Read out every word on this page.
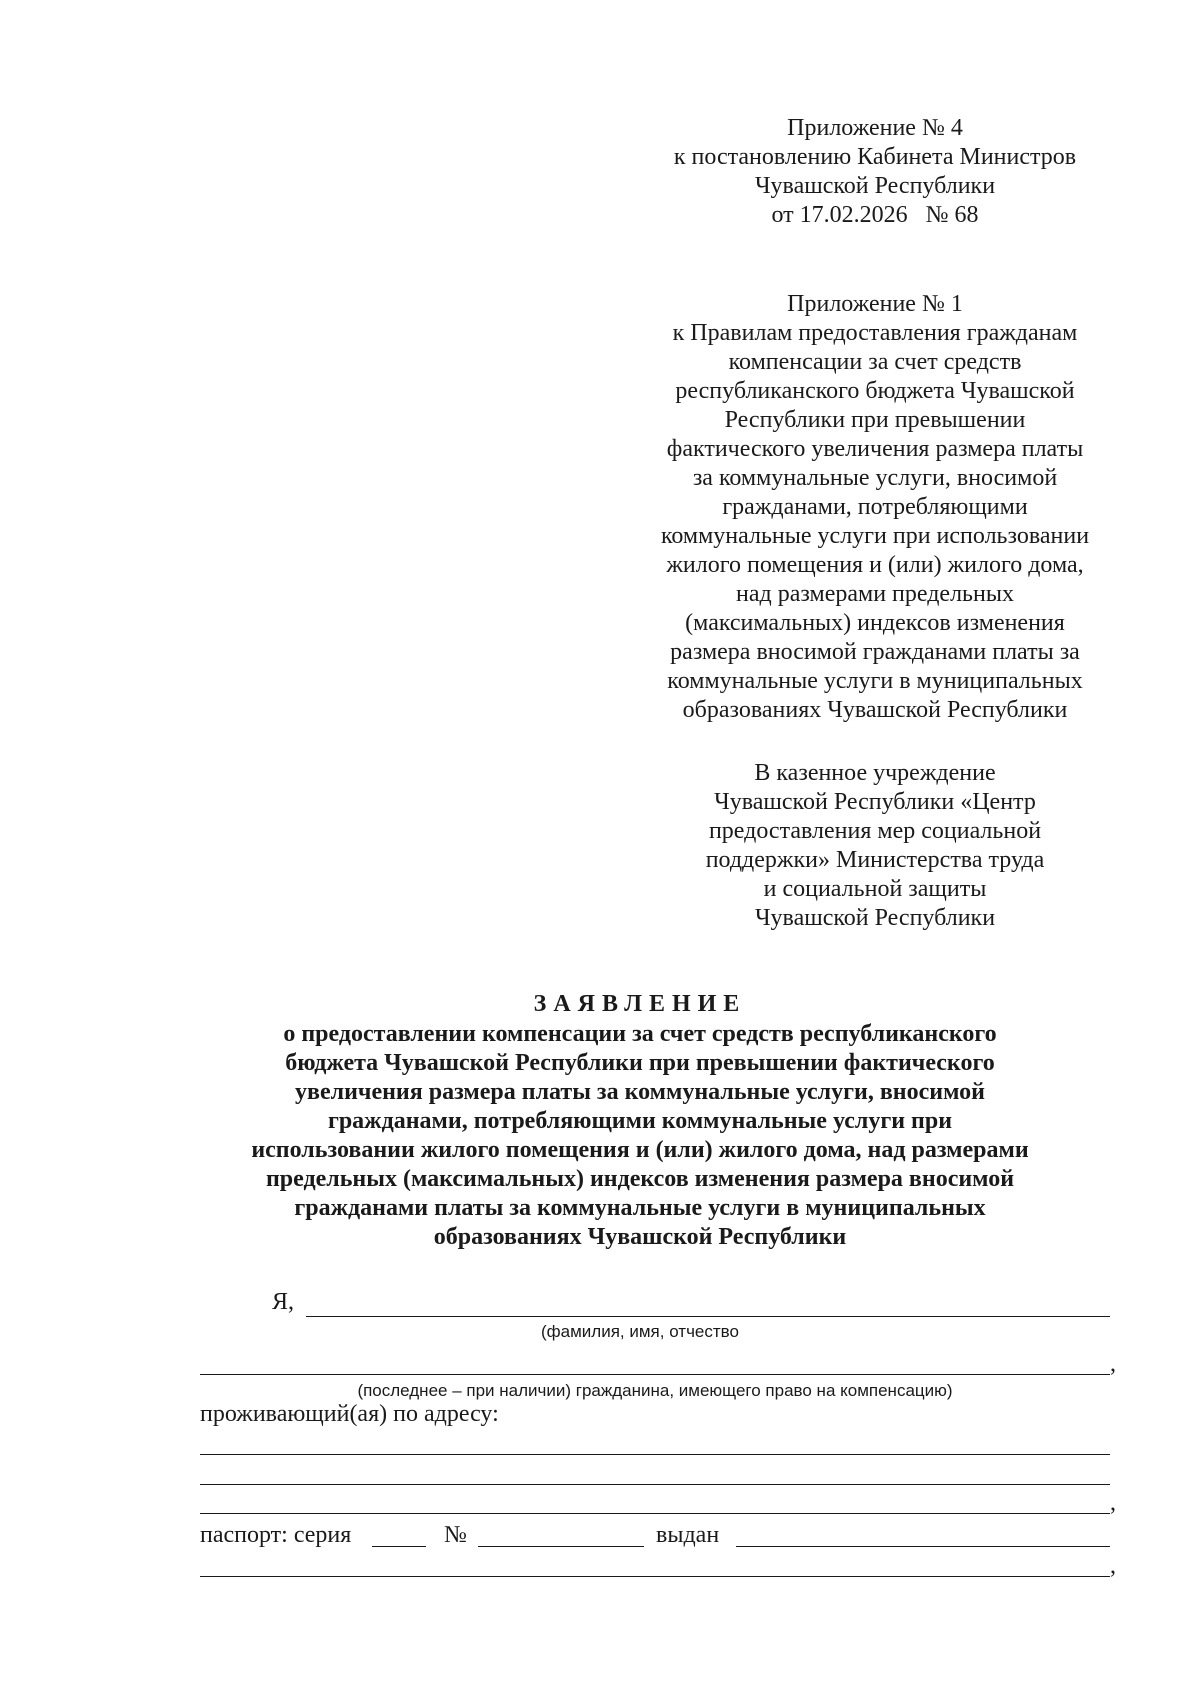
Приложение № 4
к постановлению Кабинета Министров
Чувашской Республики
от 17.02.2026   № 68
Приложение № 1
к Правилам предоставления гражданам
компенсации за счет средств
республиканского бюджета Чувашской
Республики при превышении
фактического увеличения размера платы
за коммунальные услуги, вносимой
гражданами, потребляющими
коммунальные услуги при использовании
жилого помещения и (или) жилого дома,
над размерами предельных
(максимальных) индексов изменения
размера вносимой гражданами платы за
коммунальные услуги в муниципальных
образованиях Чувашской Республики
В казенное учреждение
Чувашской Республики «Центр
предоставления мер социальной
поддержки» Министерства труда
и социальной защиты
Чувашской Республики
ЗАЯВЛЕНИЕ
о предоставлении компенсации за счет средств республиканского
бюджета Чувашской Республики при превышении фактического
увеличения размера платы за коммунальные услуги, вносимой
гражданами, потребляющими коммунальные услуги при
использовании жилого помещения и (или) жилого дома, над размерами
предельных (максимальных) индексов изменения размера вносимой
гражданами платы за коммунальные услуги в муниципальных
образованиях Чувашской Республики
Я,
(фамилия, имя, отчество
,
(последнее – при наличии) гражданина, имеющего право на компенсацию)
проживающий(ая) по адресу:
,
паспорт: серия	№	выдан
,
